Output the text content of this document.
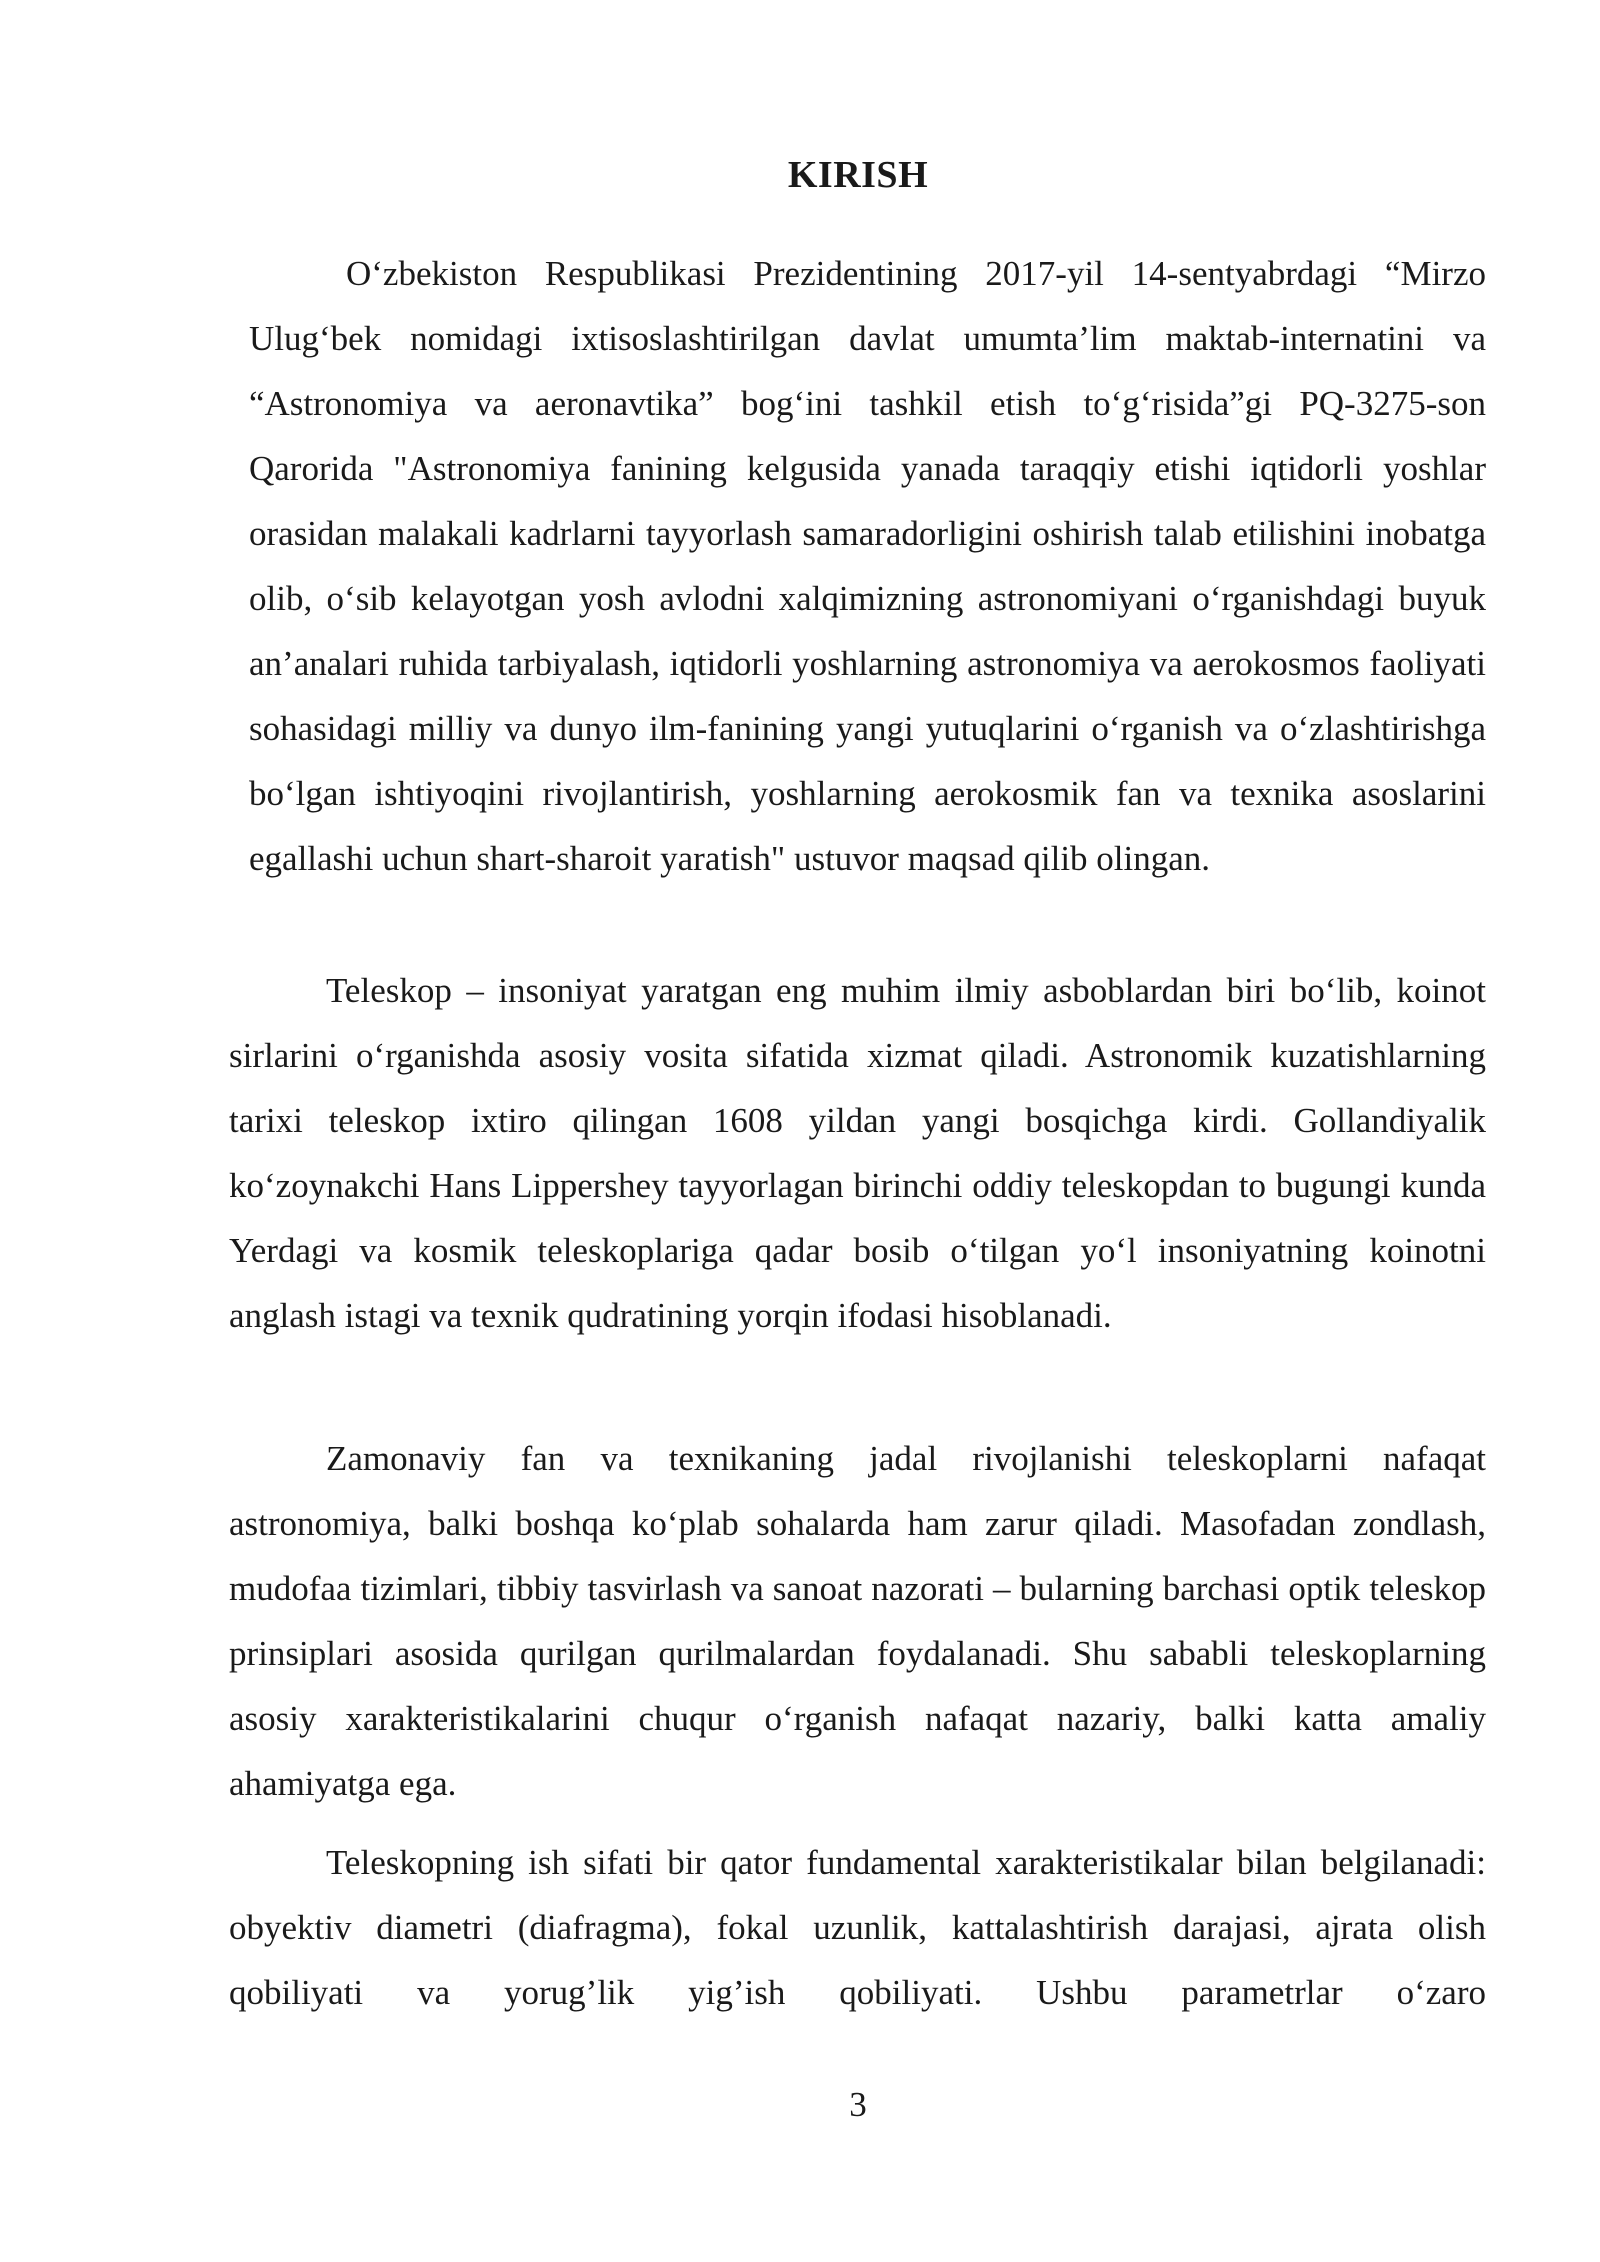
KIRISH

O‘zbekiston Respublikasi Prezidentining 2017-yil 14-sentyabrdagi “Mirzo Ulug‘bek nomidagi ixtisoslashtirilgan davlat umumta’lim maktab-internatini va “Astronomiya va aeronavtika” bog‘ini tashkil etish to‘g‘risida”gi PQ-3275-son Qarorida "Astronomiya fanining kelgusida yanada taraqqiy etishi iqtidorli yoshlar orasidan malakali kadrlarni tayyorlash samaradorligini oshirish talab etilishini inobatga olib, o‘sib kelayotgan yosh avlodni xalqimizning astronomiyani o‘rganishdagi buyuk an’analari ruhida tarbiyalash, iqtidorli yoshlarning astronomiya va aerokosmos faoliyati sohasidagi milliy va dunyo ilm-fanining yangi yutuqlarini o‘rganish va o‘zlashtirishga bo‘lgan ishtiyoqini rivojlantirish, yoshlarning aerokosmik fan va texnika asoslarini egallashi uchun shart-sharoit yaratish" ustuvor maqsad qilib olingan.

Teleskop – insoniyat yaratgan eng muhim ilmiy asboblardan biri bo‘lib, koinot sirlarini o‘rganishda asosiy vosita sifatida xizmat qiladi. Astronomik kuzatishlarning tarixi teleskop ixtiro qilingan 1608 yildan yangi bosqichga kirdi. Gollandiyalik ko‘zoynakchi Hans Lippershey tayyorlagan birinchi oddiy teleskopdan to bugungi kunda Yerdagi va kosmik teleskoplariga qadar bosib o‘tilgan yo‘l insoniyatning koinotni anglash istagi va texnik qudratining yorqin ifodasi hisoblanadi.

Zamonaviy fan va texnikaning jadal rivojlanishi teleskoplarni nafaqat astronomiya, balki boshqa ko‘plab sohalarda ham zarur qiladi. Masofadan zondlash, mudofaa tizimlari, tibbiy tasvirlash va sanoat nazorati – bularning barchasi optik teleskop prinsiplari asosida qurilgan qurilmalardan foydalanadi. Shu sababli teleskoplarning asosiy xarakteristikalarini chuqur o‘rganish nafaqat nazariy, balki katta amaliy ahamiyatga ega.

Teleskopning ish sifati bir qator fundamental xarakteristikalar bilan belgilanadi: obyektiv diametri (diafragma), fokal uzunlik, kattalashtirish darajasi, ajrata olish qobiliyati va yorug’lik yig’ish qobiliyati. Ushbu parametrlar o‘zaro

3
